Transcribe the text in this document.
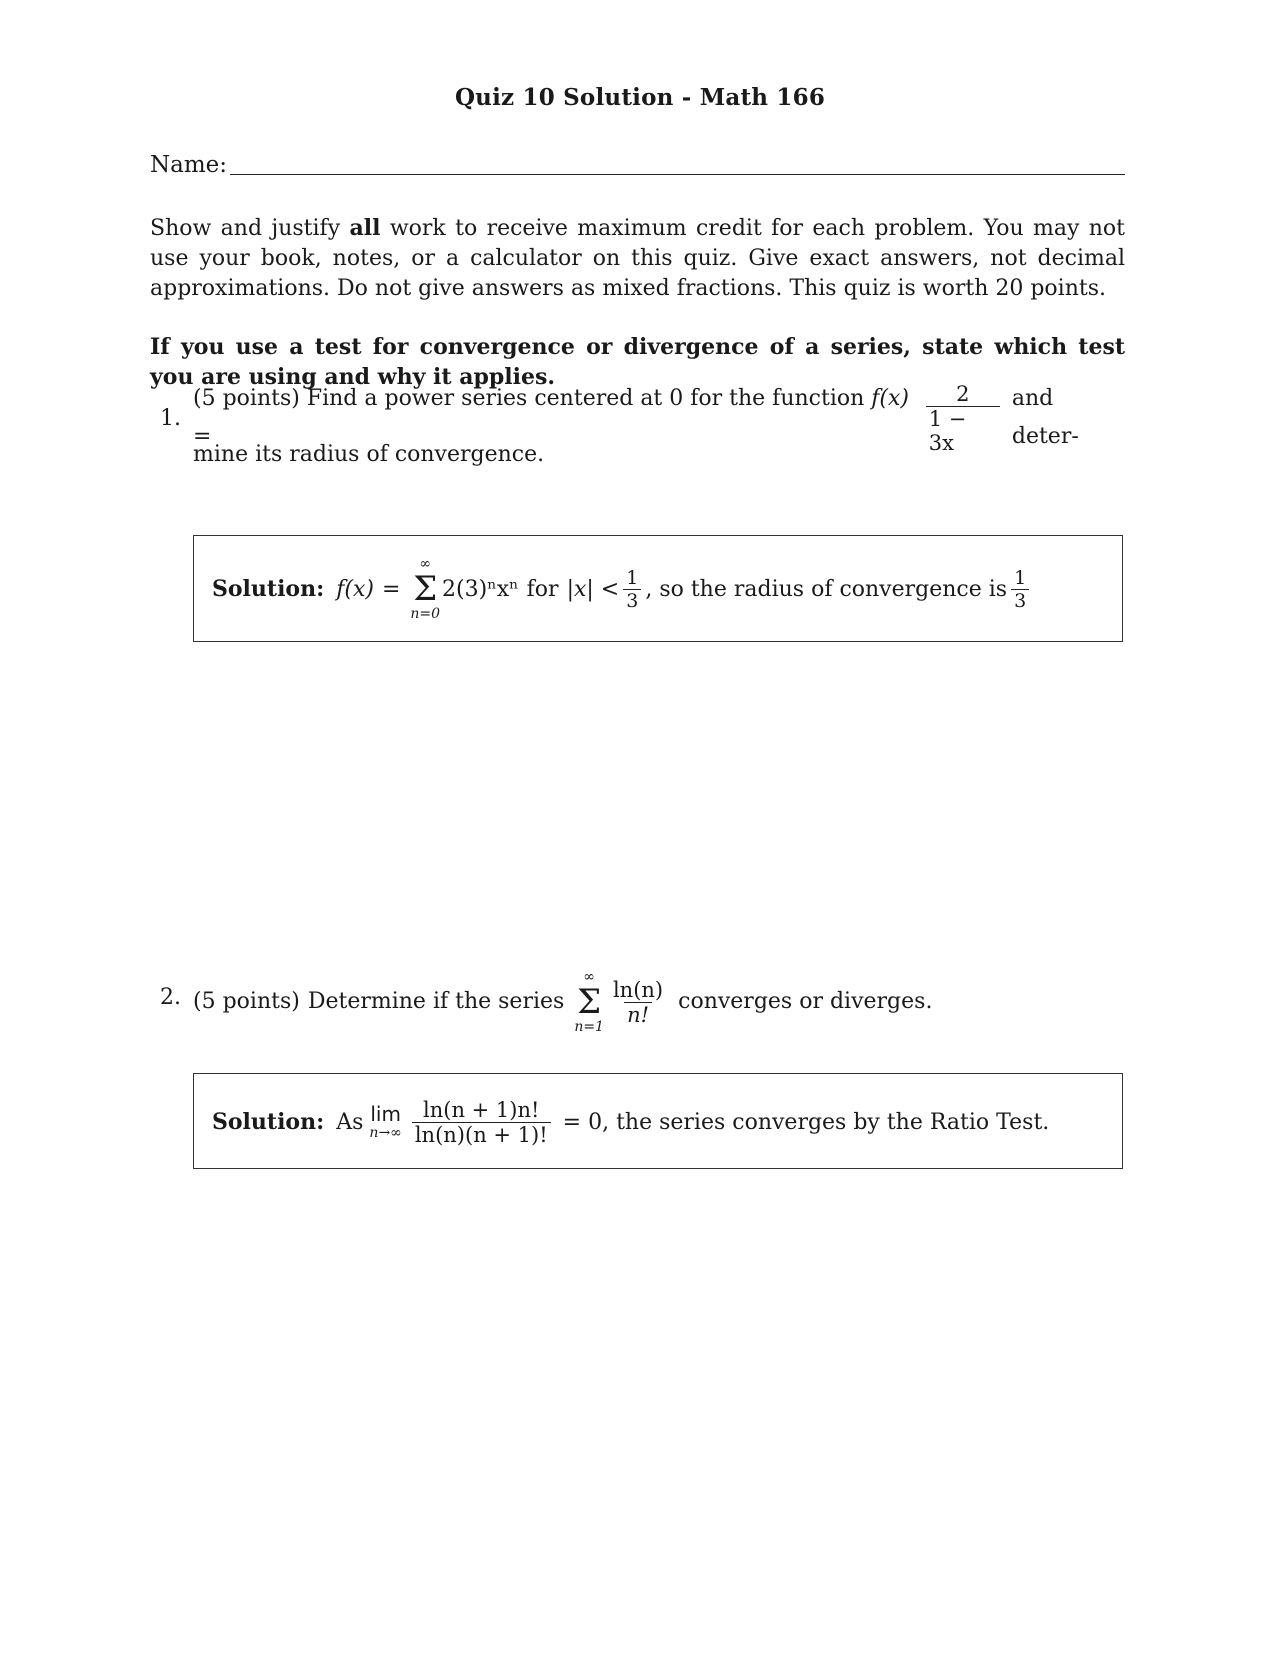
Quiz 10 Solution - Math 166
Name:
Show and justify all work to receive maximum credit for each problem. You may not use your book, notes, or a calculator on this quiz. Give exact answers, not decimal approximations. Do not give answers as mixed fractions. This quiz is worth 20 points.
If you use a test for convergence or divergence of a series, state which test you are using and why it applies.
1.
(5 points) Find a power series centered at 0 for the function f(x) =	$\frac{2}{1 - 3x}$ and deter-
mine its radius of convergence.
Solution: f(x) =
∞
Σ
n=0
2(3)ⁿxⁿ for $|x| < \frac{1}{3}$ , so the radius of convergence is $\frac{1}{3}$
2. (5 points) Determine if the series
∞
Σ
n=1
$\frac{\ln(n)}{n!}$ converges or diverges.
Solution: As lim
$n\to\infty \frac{\ln(n + 1)n!}{\ln(n)(n + 1)!} = 0$, the series converges by the Ratio Test.
